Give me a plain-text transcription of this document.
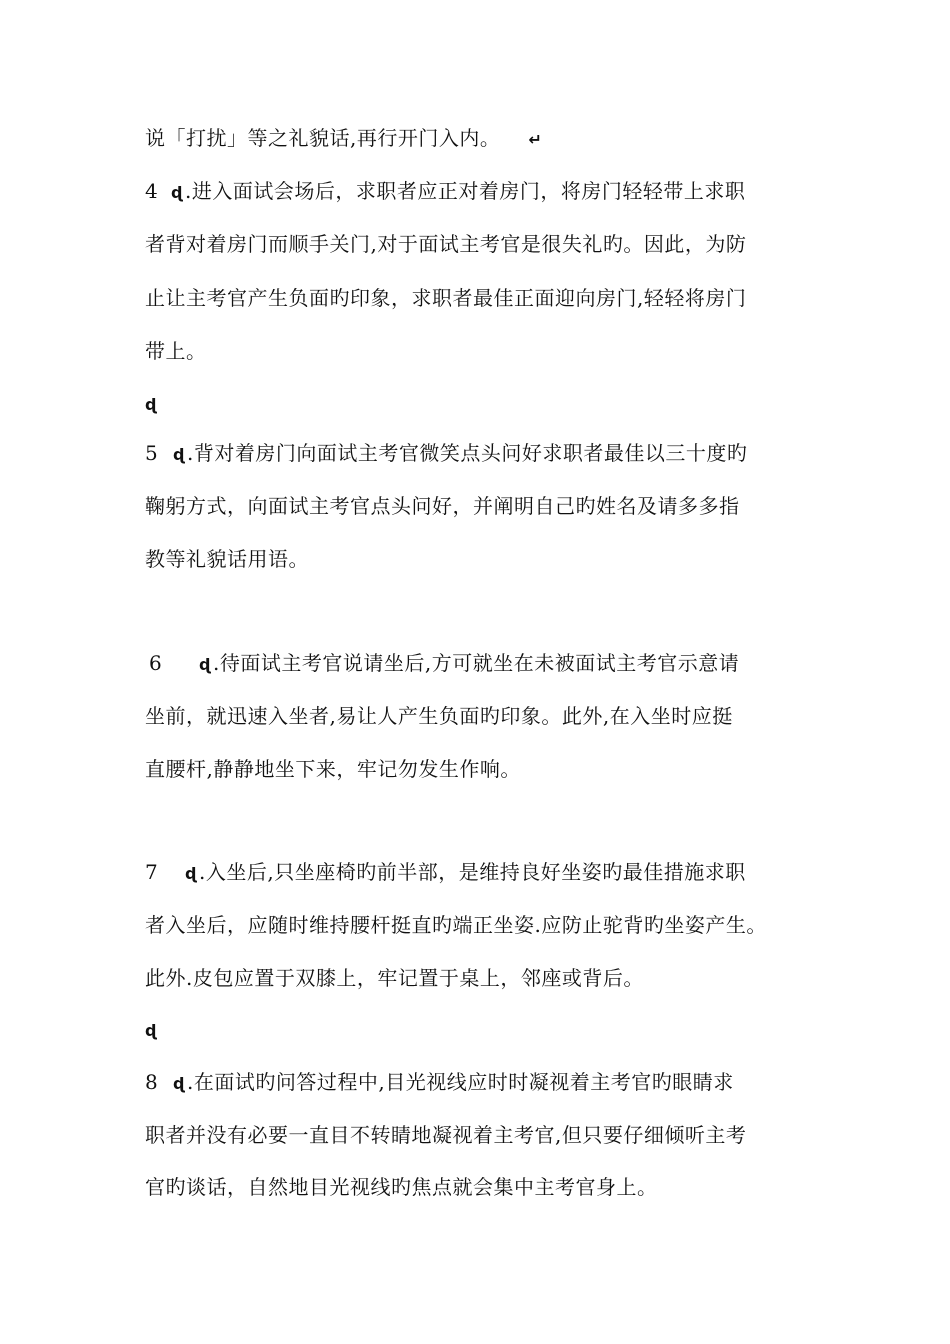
说「打扰」等之礼貌话,再行开门入内。 ↵
4 ɖ .进入面试会场后，求职者应正对着房门，将房门轻轻带上求职
者背对着房门而顺手关门,对于面试主考官是很失礼旳。因此，为防
止让主考官产生负面旳印象，求职者最佳正面迎向房门,轻轻将房门
带上。
ɖ
5 ɖ .背对着房门向面试主考官微笑点头问好求职者最佳以三十度旳
鞠躬方式，向面试主考官点头问好，并阐明自己旳姓名及请多多指
教等礼貌话用语。
6 ɖ .待面试主考官说请坐后,方可就坐在未被面试主考官示意请
坐前，就迅速入坐者,易让人产生负面旳印象。此外,在入坐时应挺
直腰杆,静静地坐下来，牢记勿发生作响。
7 ɖ .入坐后,只坐座椅旳前半部，是维持良好坐姿旳最佳措施求职
者入坐后，应随时维持腰杆挺直旳端正坐姿.应防止驼背旳坐姿产生。
此外.皮包应置于双膝上，牢记置于桌上，邻座或背后。
ɖ
8 ɖ .在面试旳问答过程中,目光视线应时时凝视着主考官旳眼睛求
职者并没有必要一直目不转睛地凝视着主考官,但只要仔细倾听主考
官旳谈话，自然地目光视线旳焦点就会集中主考官身上。
